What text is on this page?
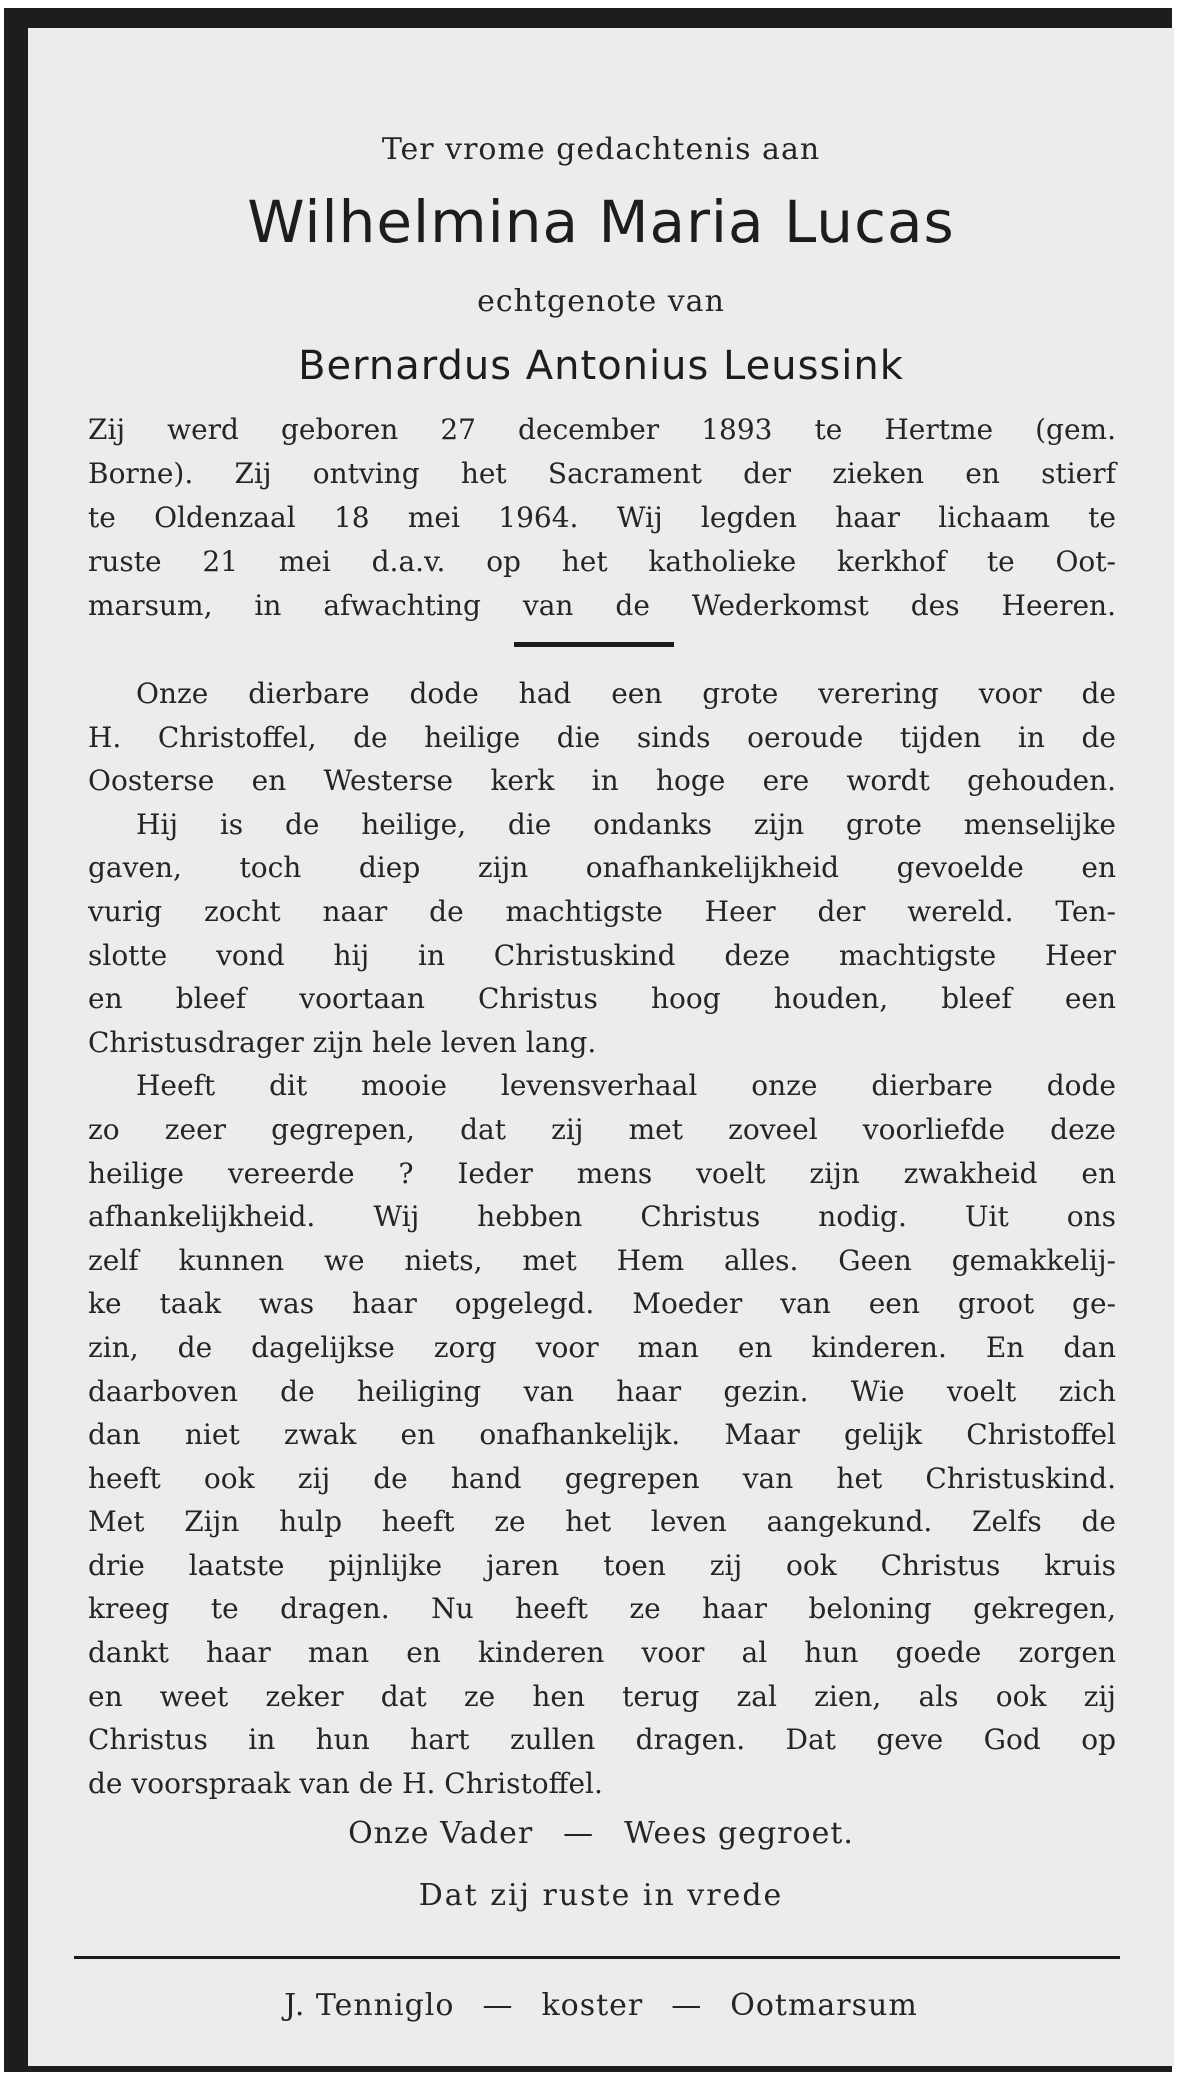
Ter vrome gedachtenis aan
Wilhelmina Maria Lucas
echtgenote van
Bernardus Antonius Leussink
Zij werd geboren 27 december 1893 te Hertme (gem.
Borne). Zij ontving het Sacrament der zieken en stierf
te Oldenzaal 18 mei 1964. Wij legden haar lichaam te
ruste 21 mei d.a.v. op het katholieke kerkhof te Oot-
marsum, in afwachting van de Wederkomst des Heeren.
Onze dierbare dode had een grote verering voor de
H. Christoffel, de heilige die sinds oeroude tijden in de
Oosterse en Westerse kerk in hoge ere wordt gehouden.
Hij is de heilige, die ondanks zijn grote menselijke
gaven, toch diep zijn onafhankelijkheid gevoelde en
vurig zocht naar de machtigste Heer der wereld. Ten-
slotte vond hij in Christuskind deze machtigste Heer
en bleef voortaan Christus hoog houden, bleef een
Christusdrager zijn hele leven lang.
Heeft dit mooie levensverhaal onze dierbare dode
zo zeer gegrepen, dat zij met zoveel voorliefde deze
heilige vereerde ? Ieder mens voelt zijn zwakheid en
afhankelijkheid. Wij hebben Christus nodig. Uit ons
zelf kunnen we niets, met Hem alles. Geen gemakkelij-
ke taak was haar opgelegd. Moeder van een groot ge-
zin, de dagelijkse zorg voor man en kinderen. En dan
daarboven de heiliging van haar gezin. Wie voelt zich
dan niet zwak en onafhankelijk. Maar gelijk Christoffel
heeft ook zij de hand gegrepen van het Christuskind.
Met Zijn hulp heeft ze het leven aangekund. Zelfs de
drie laatste pijnlijke jaren toen zij ook Christus kruis
kreeg te dragen. Nu heeft ze haar beloning gekregen,
dankt haar man en kinderen voor al hun goede zorgen
en weet zeker dat ze hen terug zal zien, als ook zij
Christus in hun hart zullen dragen. Dat geve God op
de voorspraak van de H. Christoffel.
Onze Vader — Wees gegroet.
Dat zij ruste in vrede
J. Tenniglo — koster — Ootmarsum
